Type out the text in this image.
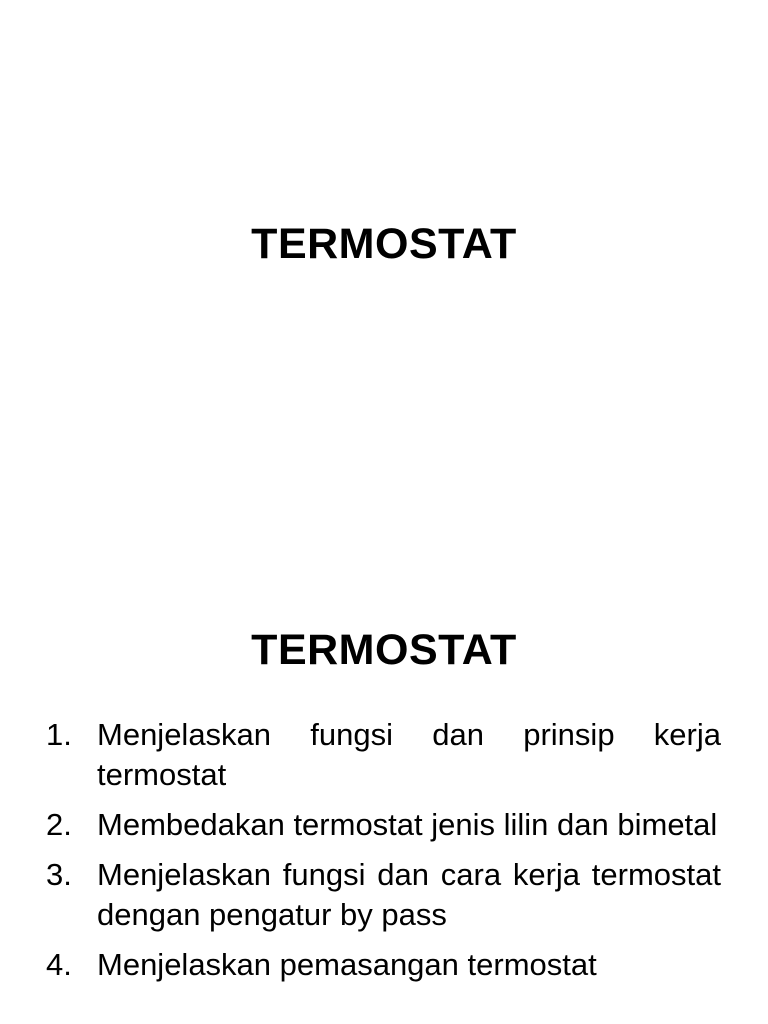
TERMOSTAT
TERMOSTAT
1. Menjelaskan fungsi dan prinsip kerja termostat
2. Membedakan termostat jenis lilin dan bimetal
3. Menjelaskan fungsi dan cara kerja termostat dengan pengatur by pass
4. Menjelaskan pemasangan termostat
